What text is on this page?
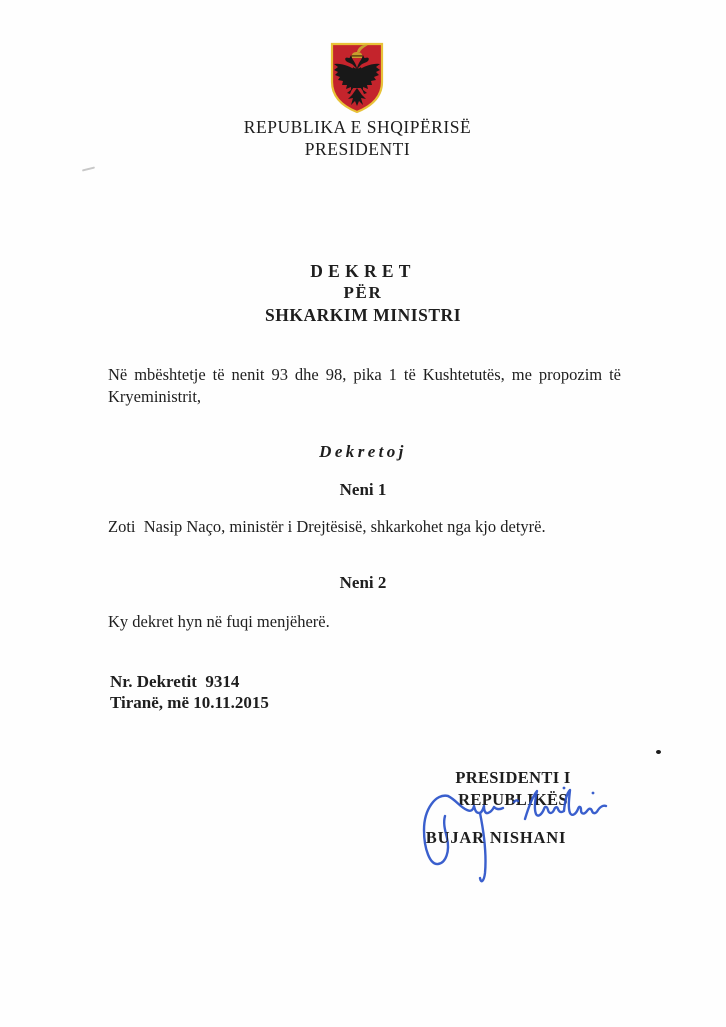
REPUBLIKA E SHQIPËRISË
PRESIDENTI
DEKRET
PËR
SHKARKIM MINISTRI
Në mbështetje të nenit 93 dhe 98, pika 1 të Kushtetutës, me propozim të
Kryeministrit,
Dekretoj
Neni 1
Zoti  Nasip Naço, ministër i Drejtësisë, shkarkohet nga kjo detyrë.
Neni 2
Ky dekret hyn në fuqi menjëherë.
Nr. Dekretit  9314
Tiranë, më 10.11.2015
PRESIDENTI I REPUBLIKËS
BUJAR NISHANI
